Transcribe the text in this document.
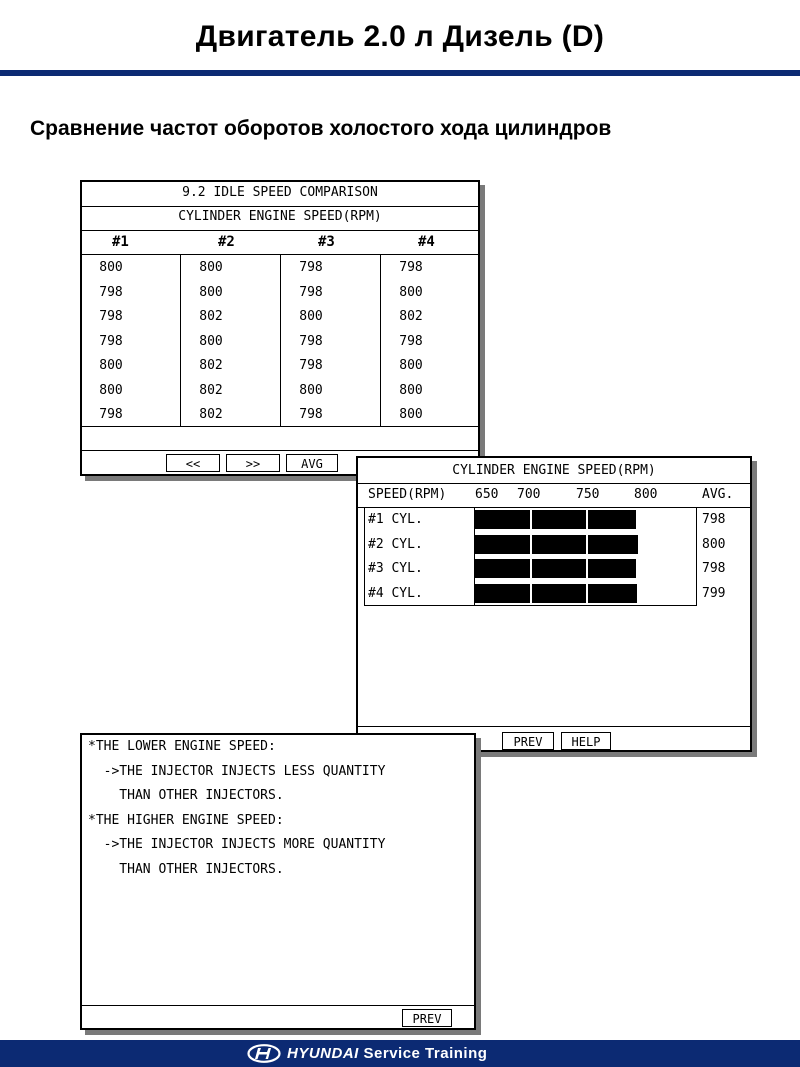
Двигатель 2.0 л Дизель (D)
Сравнение частот оборотов холостого хода цилиндров
9.2 IDLE SPEED COMPARISON
CYLINDER ENGINE SPEED(RPM)
#1	#2	#3	#4
800	800	798	798
798	800	798	800
798	802	800	802
798	800	798	798
800	802	798	800
800	802	800	800
798	802	798	800
<<	>>	AVG	CYLINDER ENGINE SPEED(RPM)
SPEED(RPM) 650 700	750	800	AVG.
#1 CYL.	798
#2 CYL.	800
#3 CYL.	798
#4 CYL.	799
PREV	HELP
*THE LOWER ENGINE SPEED:
->THE INJECTOR INJECTS LESS QUANTITY
THAN OTHER INJECTORS.
*THE HIGHER ENGINE SPEED:
->THE INJECTOR INJECTS MORE QUANTITY
THAN OTHER INJECTORS.
PREV
HYUNDAI Service Training
